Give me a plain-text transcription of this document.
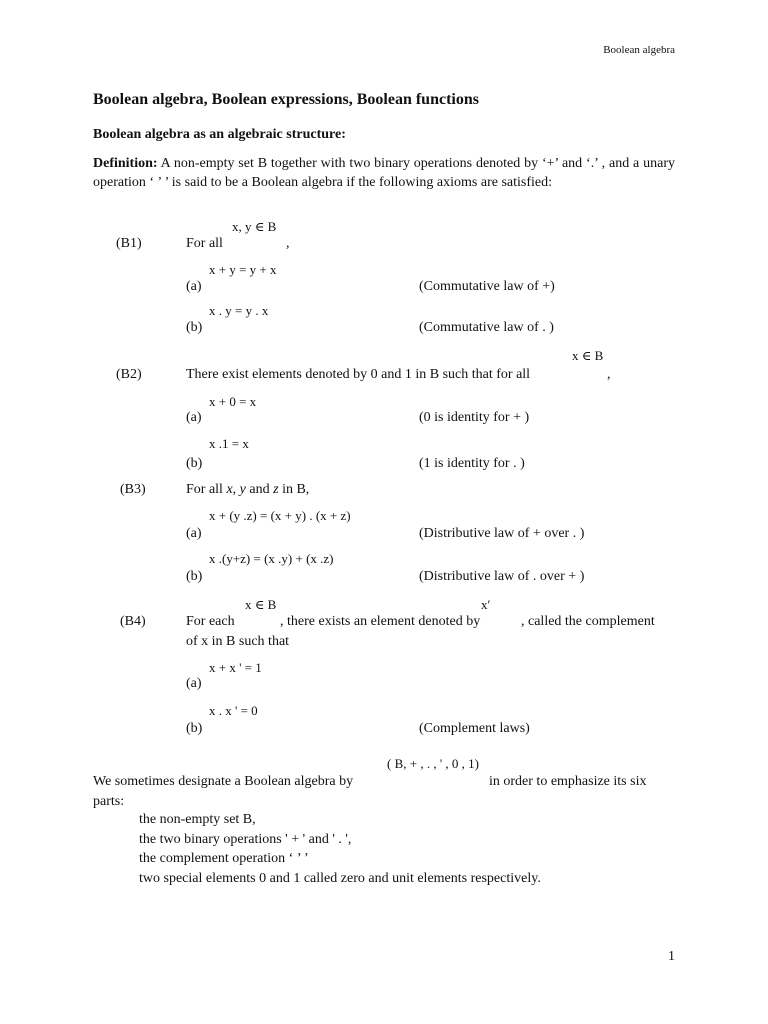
Boolean algebra
Boolean algebra, Boolean expressions, Boolean functions
Boolean algebra as an algebraic structure:
Definition: A non-empty set B together with two binary operations denoted by ‘+’ and ‘.’ , and a unary operation ‘ ’ ’ is said to be a Boolean algebra if the following axioms are satisfied:
x, y ∈ B
(B1)	For all	,
x + y = y + x
(a)	(Commutative law of +)
x . y = y . x
(b)	(Commutative law of . )
x ∈ B
(B2)	There exist elements denoted by 0 and 1 in B such that for all	,
x + 0 = x
(a)	(0 is identity for + )
x .1 = x
(b)	(1 is identity for . )
(B3)	For all x, y and z in B,
x + (y .z) = (x + y) . (x + z)
(a)	(Distributive law of + over . )
x .(y+z) = (x .y) + (x .z)
(b)	(Distributive law of . over + )
x ∈ B	x′
(B4)	For each	, there exists an element denoted by	, called the complement
of x in B such that
x + x ' = 1
(a)
x . x ' = 0
(b)	(Complement laws)
( B, + , . , ' , 0 , 1)
We sometimes designate a Boolean algebra by	in order to emphasize its six
parts:
the non-empty set B,
the two binary operations ' + ' and ' . ',
the complement operation ‘ ’ ’
two special elements 0 and 1 called zero and unit elements respectively.
1
